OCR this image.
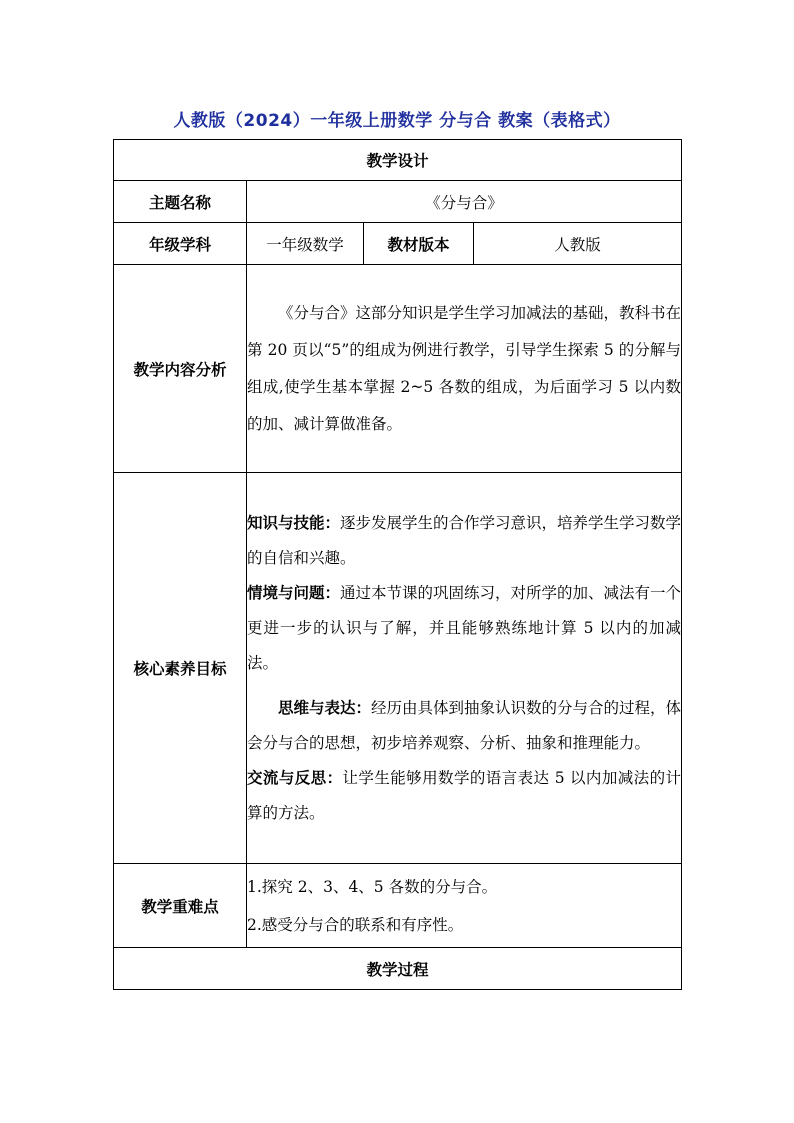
人教版（2024）一年级上册数学 分与合 教案（表格式）
教学设计			
主题名称	《分与合》		
年级学科	一年级数学	教材版本	人教版
教学内容分析	《分与合》这部分知识是学生学习加减法的基础，教科书在第 20 页以“5”的组成为例进行教学，引导学生探索 5 的分解与组成,使学生基本掌握 2~5 各数的组成，为后面学习 5 以内数的加、减计算做准备。		

核心素养目标	知识与技能：逐步发展学生的合作学习意识，培养学生学习数学的自信和兴趣。

情境与问题：通过本节课的巩固练习，对所学的加、减法有一个更进一步的认识与了解，并且能够熟练地计算 5 以内的加减法。

思维与表达：经历由具体到抽象认识数的分与合的过程，体会分与合的思想，初步培养观察、分析、抽象和推理能力。

交流与反思：让学生能够用数学的语言表达 5 以内加减法的计算的方法。		

教学重难点	1.探究 2、3、4、5 各数的分与合。

2.感受分与合的联系和有序性。		

教学过程			
